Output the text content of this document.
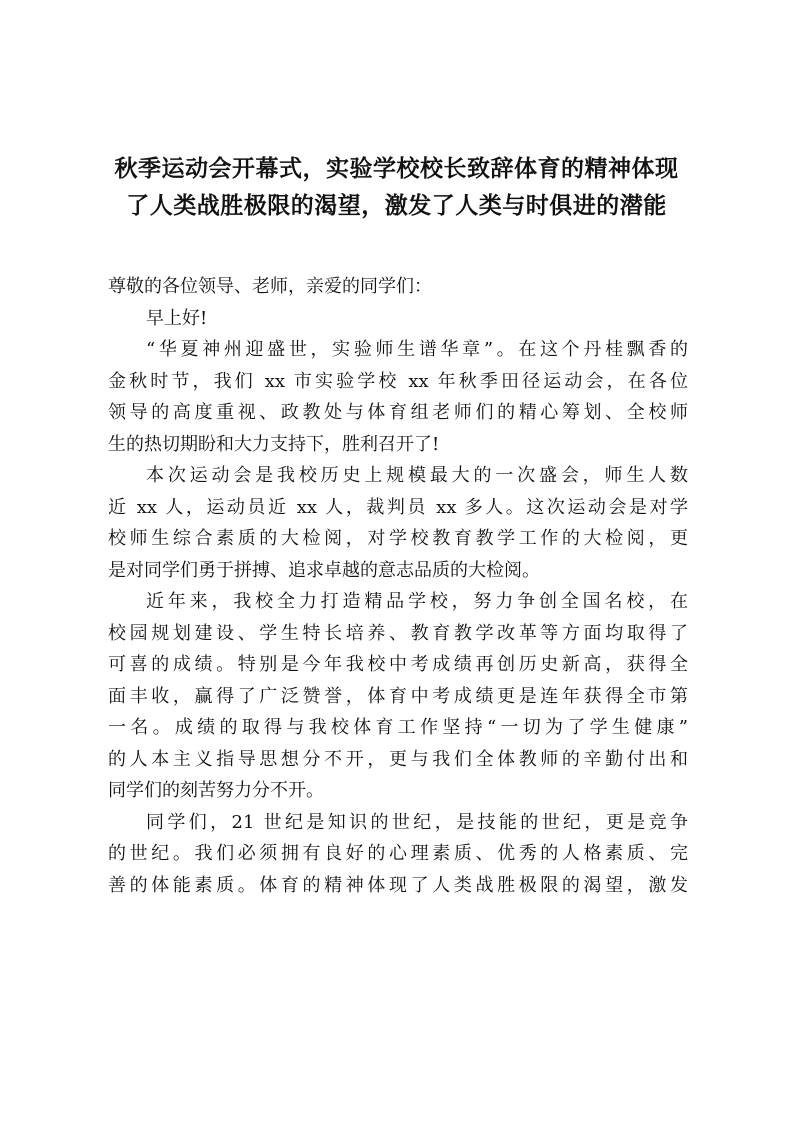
秋季运动会开幕式，实验学校校长致辞体育的精神体现
了人类战胜极限的渴望，激发了人类与时俱进的潜能
尊敬的各位领导、老师，亲爱的同学们：
早上好!
“华夏神州迎盛世，实验师生谱华章”。在这个丹桂飘香的
金秋时节，我们 xx 市实验学校 xx 年秋季田径运动会，在各位
领导的高度重视、政教处与体育组老师们的精心筹划、全校师
生的热切期盼和大力支持下，胜利召开了!
本次运动会是我校历史上规模最大的一次盛会，师生人数
近 xx 人，运动员近 xx 人，裁判员 xx 多人。这次运动会是对学
校师生综合素质的大检阅，对学校教育教学工作的大检阅，更
是对同学们勇于拼搏、追求卓越的意志品质的大检阅。
近年来，我校全力打造精品学校，努力争创全国名校，在
校园规划建设、学生特长培养、教育教学改革等方面均取得了
可喜的成绩。特别是今年我校中考成绩再创历史新高，获得全
面丰收，赢得了广泛赞誉，体育中考成绩更是连年获得全市第
一名。成绩的取得与我校体育工作坚持“一切为了学生健康”
的人本主义指导思想分不开，更与我们全体教师的辛勤付出和
同学们的刻苦努力分不开。
同学们，21 世纪是知识的世纪，是技能的世纪，更是竞争
的世纪。我们必须拥有良好的心理素质、优秀的人格素质、完
善的体能素质。体育的精神体现了人类战胜极限的渴望，激发
